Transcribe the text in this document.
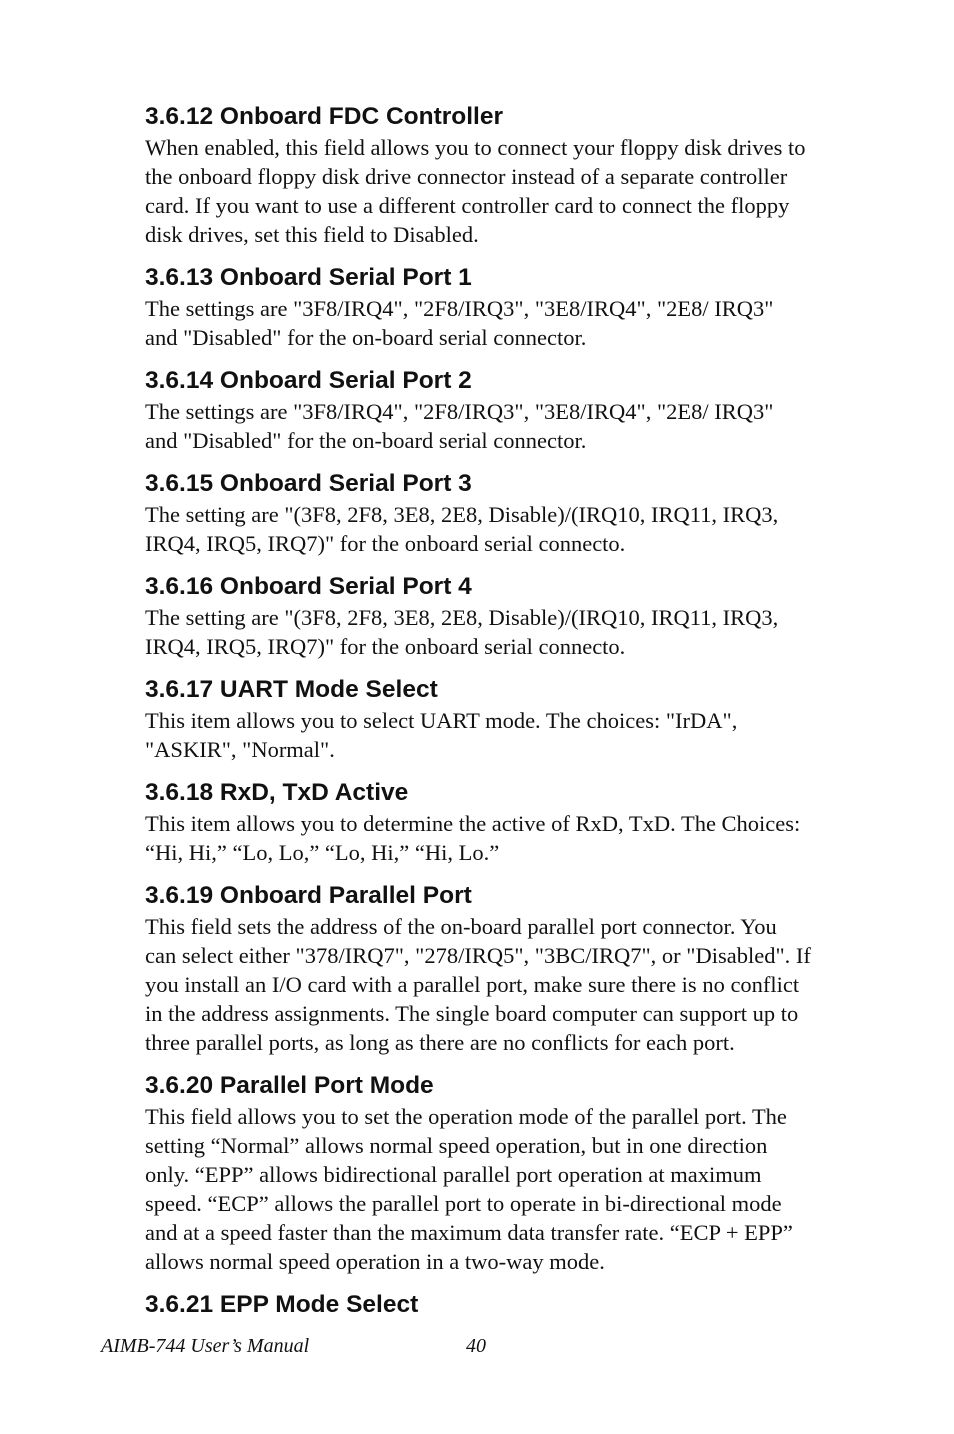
3.6.12 Onboard FDC Controller
When enabled, this field allows you to connect your floppy disk drives to
the onboard floppy disk drive connector instead of a separate controller
card. If you want to use a different controller card to connect the floppy
disk drives, set this field to Disabled.
3.6.13 Onboard Serial Port 1
The settings are "3F8/IRQ4", "2F8/IRQ3", "3E8/IRQ4", "2E8/ IRQ3"
and "Disabled" for the on-board serial connector.
3.6.14 Onboard Serial Port 2
The settings are "3F8/IRQ4", "2F8/IRQ3", "3E8/IRQ4", "2E8/ IRQ3"
and "Disabled" for the on-board serial connector.
3.6.15 Onboard Serial Port 3
The setting are "(3F8, 2F8, 3E8, 2E8, Disable)/(IRQ10, IRQ11, IRQ3,
IRQ4, IRQ5, IRQ7)" for the onboard serial connecto.
3.6.16 Onboard Serial Port 4
The setting are "(3F8, 2F8, 3E8, 2E8, Disable)/(IRQ10, IRQ11, IRQ3,
IRQ4, IRQ5, IRQ7)" for the onboard serial connecto.
3.6.17 UART Mode Select
This item allows you to select UART mode. The choices: "IrDA",
"ASKIR", "Normal".
3.6.18 RxD, TxD Active
This item allows you to determine the active of RxD, TxD. The Choices:
“Hi, Hi,” “Lo, Lo,” “Lo, Hi,” “Hi, Lo.”
3.6.19 Onboard Parallel Port
This field sets the address of the on-board parallel port connector. You
can select either "378/IRQ7", "278/IRQ5", "3BC/IRQ7", or "Disabled". If
you install an I/O card with a parallel port, make sure there is no conflict
in the address assignments. The single board computer can support up to
three parallel ports, as long as there are no conflicts for each port.
3.6.20 Parallel Port Mode
This field allows you to set the operation mode of the parallel port. The
setting “Normal” allows normal speed operation, but in one direction
only. “EPP” allows bidirectional parallel port operation at maximum
speed. “ECP” allows the parallel port to operate in bi-directional mode
and at a speed faster than the maximum data transfer rate. “ECP + EPP”
allows normal speed operation in a two-way mode.
3.6.21 EPP Mode Select
AIMB-744 User’s Manual	40
